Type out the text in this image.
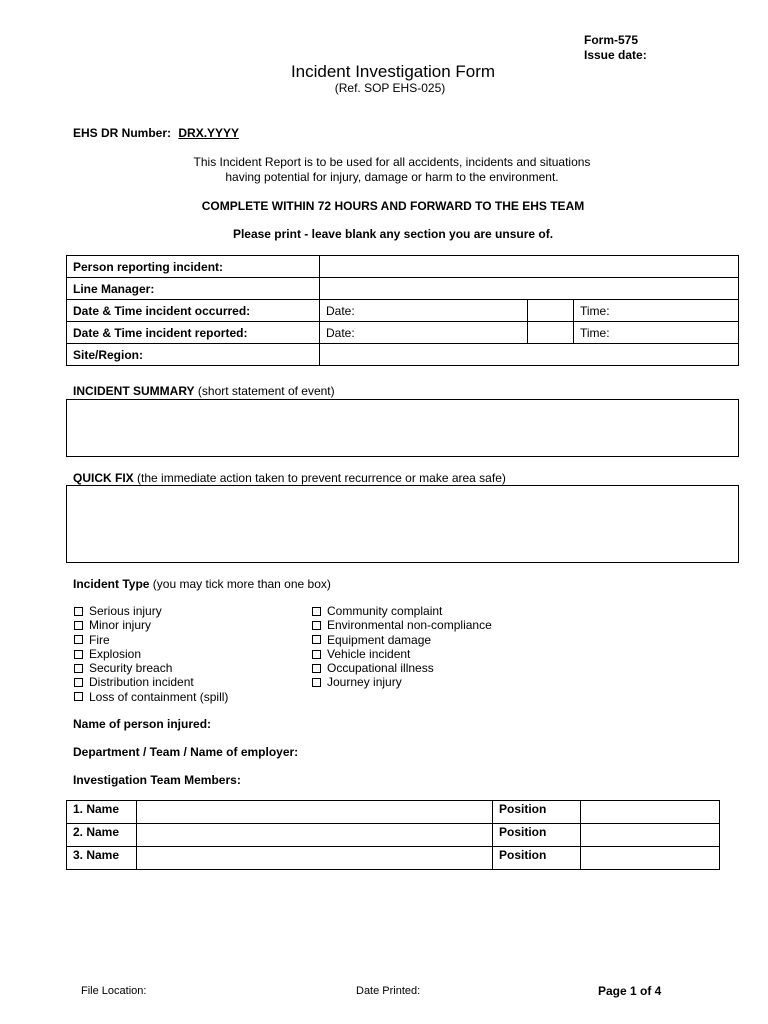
Form-575
Issue date:
Incident Investigation Form
(Ref. SOP EHS-025)
EHS DR Number: DRX.YYYY
This Incident Report is to be used for all accidents, incidents and situations
having potential for injury, damage or harm to the environment.
COMPLETE WITHIN 72 HOURS AND FORWARD TO THE EHS TEAM
Please print - leave blank any section you are unsure of.
Person reporting incident:			
Line Manager:			
Date & Time incident occurred:	Date:		Time:
Date & Time incident reported:	Date:		Time:
Site/Region:			
INCIDENT SUMMARY (short statement of event)
QUICK FIX (the immediate action taken to prevent recurrence or make area safe)
Incident Type (you may tick more than one box)
Serious injury
Minor injury
Fire
Explosion
Security breach
Distribution incident
Loss of containment (spill)
Community complaint
Environmental non-compliance
Equipment damage
Vehicle incident
Occupational illness
Journey injury
Name of person injured:
Department / Team / Name of employer:
Investigation Team Members:
1. Name		Position	
2. Name		Position	
3. Name		Position	
File Location:	Date Printed:	Page 1 of 4
